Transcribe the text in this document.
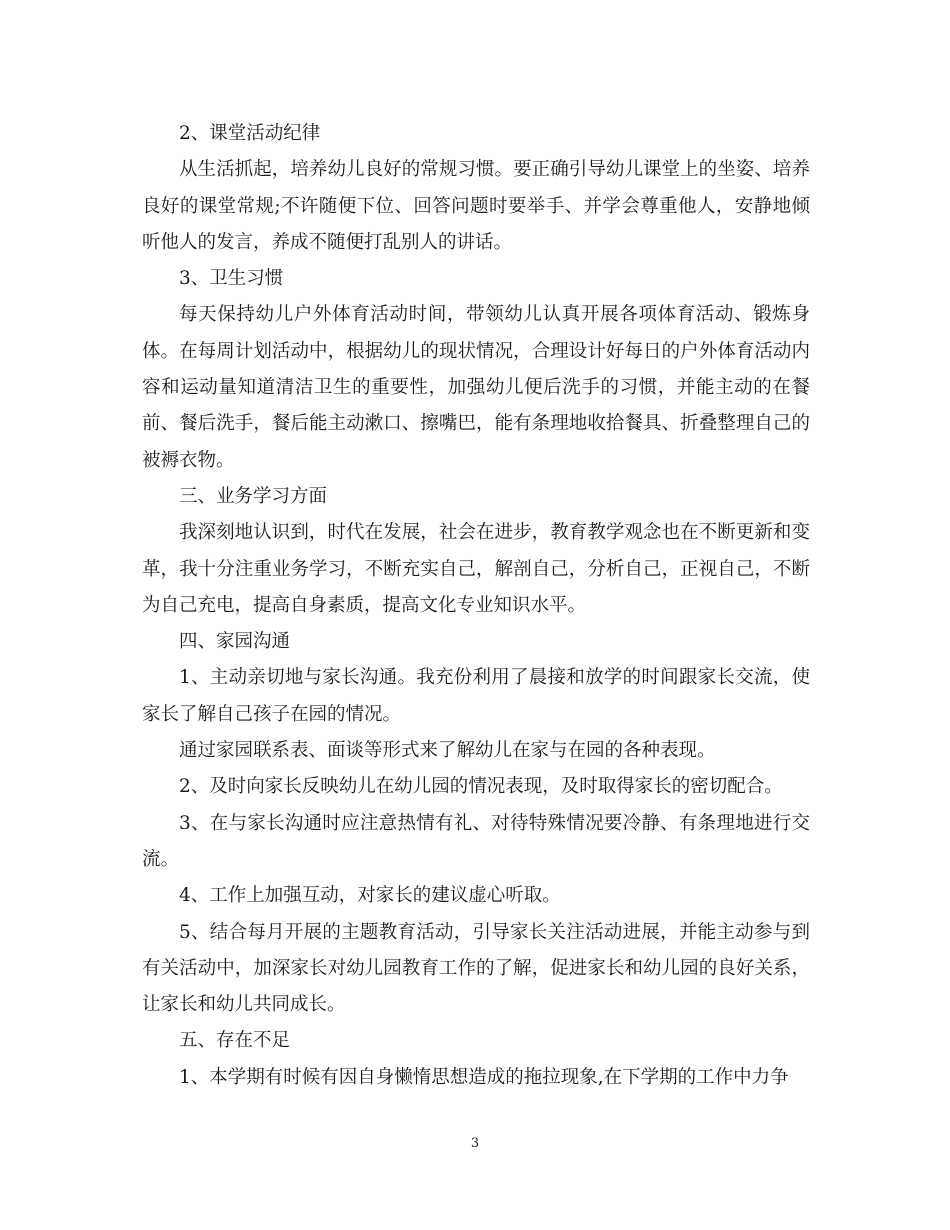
2、课堂活动纪律

从生活抓起，培养幼儿良好的常规习惯。要正确引导幼儿课堂上的坐姿、培养良好的课堂常规;不许随便下位、回答问题时要举手、并学会尊重他人，安静地倾听他人的发言，养成不随便打乱别人的讲话。

3、卫生习惯

每天保持幼儿户外体育活动时间，带领幼儿认真开展各项体育活动、锻炼身体。在每周计划活动中，根据幼儿的现状情况，合理设计好每日的户外体育活动内容和运动量知道清洁卫生的重要性，加强幼儿便后洗手的习惯，并能主动的在餐前、餐后洗手，餐后能主动漱口、擦嘴巴，能有条理地收拾餐具、折叠整理自己的被褥衣物。

三、业务学习方面

我深刻地认识到，时代在发展，社会在进步，教育教学观念也在不断更新和变革，我十分注重业务学习，不断充实自己，解剖自己，分析自己，正视自己，不断为自己充电，提高自身素质，提高文化专业知识水平。

四、家园沟通

1、主动亲切地与家长沟通。我充份利用了晨接和放学的时间跟家长交流，使家长了解自己孩子在园的情况。

通过家园联系表、面谈等形式来了解幼儿在家与在园的各种表现。

2、及时向家长反映幼儿在幼儿园的情况表现，及时取得家长的密切配合。

3、在与家长沟通时应注意热情有礼、对待特殊情况要冷静、有条理地进行交流。

4、工作上加强互动，对家长的建议虚心听取。

5、结合每月开展的主题教育活动，引导家长关注活动进展，并能主动参与到有关活动中，加深家长对幼儿园教育工作的了解，促进家长和幼儿园的良好关系，让家长和幼儿共同成长。

五、存在不足

1、本学期有时候有因自身懒惰思想造成的拖拉现象,在下学期的工作中力争

3
